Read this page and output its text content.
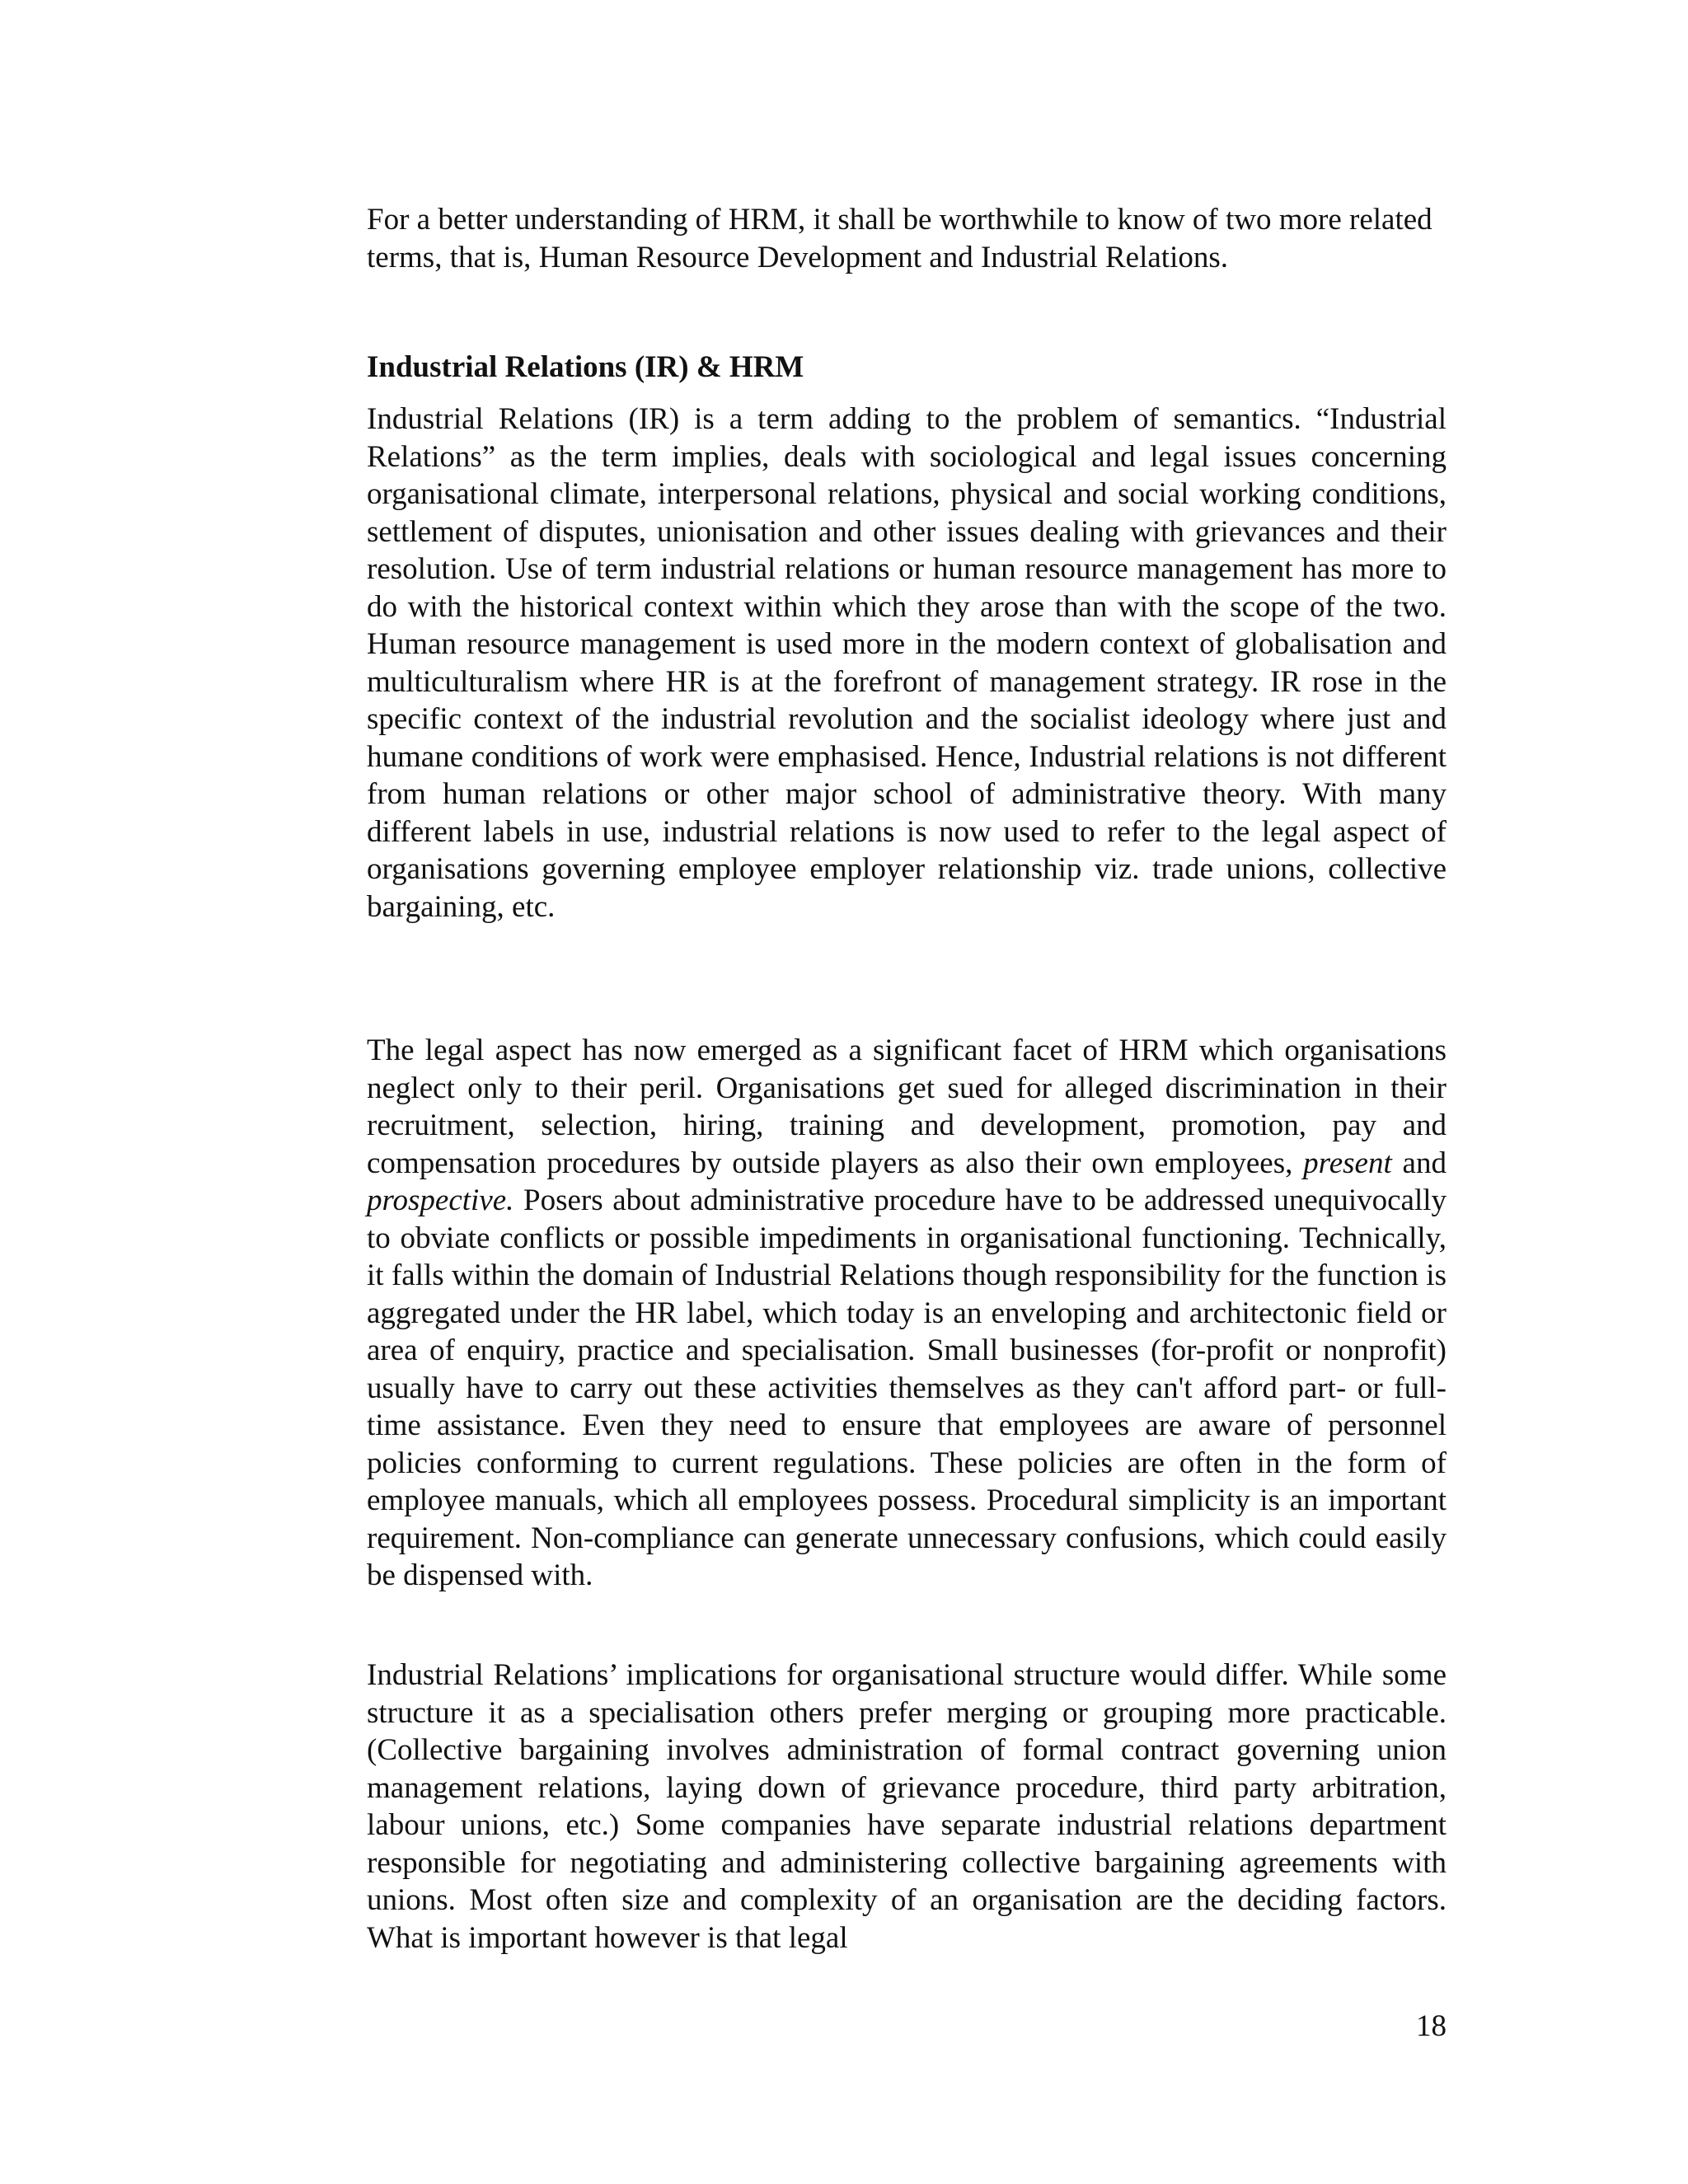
For a better understanding of HRM, it shall be worthwhile to know of two more related terms, that is, Human Resource Development and Industrial Relations.

Industrial Relations (IR) & HRM

Industrial Relations (IR) is a term adding to the problem of semantics. “Industrial Relations” as the term implies, deals with sociological and legal issues concerning organisational climate, interpersonal relations, physical and social working conditions, settlement of disputes, unionisation and other issues dealing with grievances and their resolution. Use of term industrial relations or human resource management has more to do with the historical context within which they arose than with the scope of the two. Human resource management is used more in the modern context of globalisation and multiculturalism where HR is at the forefront of management strategy. IR rose in the specific context of the industrial revolution and the socialist ideology where just and humane conditions of work were emphasised. Hence, Industrial relations is not different from human relations or other major school of administrative theory. With many different labels in use, industrial relations is now used to refer to the legal aspect of organisations governing employee employer relationship viz. trade unions, collective bargaining, etc.

The legal aspect has now emerged as a significant facet of HRM which organisations neglect only to their peril. Organisations get sued for alleged discrimination in their recruitment, selection, hiring, training and development, promotion, pay and compensation procedures by outside players as also their own employees, present and prospective. Posers about administrative procedure have to be addressed unequivocally to obviate conflicts or possible impediments in organisational functioning. Technically, it falls within the domain of Industrial Relations though responsibility for the function is aggregated under the HR label, which today is an enveloping and architectonic field or area of enquiry, practice and specialisation. Small businesses (for-profit or nonprofit) usually have to carry out these activities themselves as they can't afford part- or full-time assistance. Even they need to ensure that employees are aware of personnel policies conforming to current regulations. These policies are often in the form of employee manuals, which all employees possess. Procedural simplicity is an important requirement. Non-compliance can generate unnecessary confusions, which could easily be dispensed with.

Industrial Relations’ implications for organisational structure would differ. While some structure it as a specialisation others prefer merging or grouping more practicable. (Collective bargaining involves administration of formal contract governing union management relations, laying down of grievance procedure, third party arbitration, labour unions, etc.) Some companies have separate industrial relations department responsible for negotiating and administering collective bargaining agreements with unions. Most often size and complexity of an organisation are the deciding factors. What is important however is that legal

18
